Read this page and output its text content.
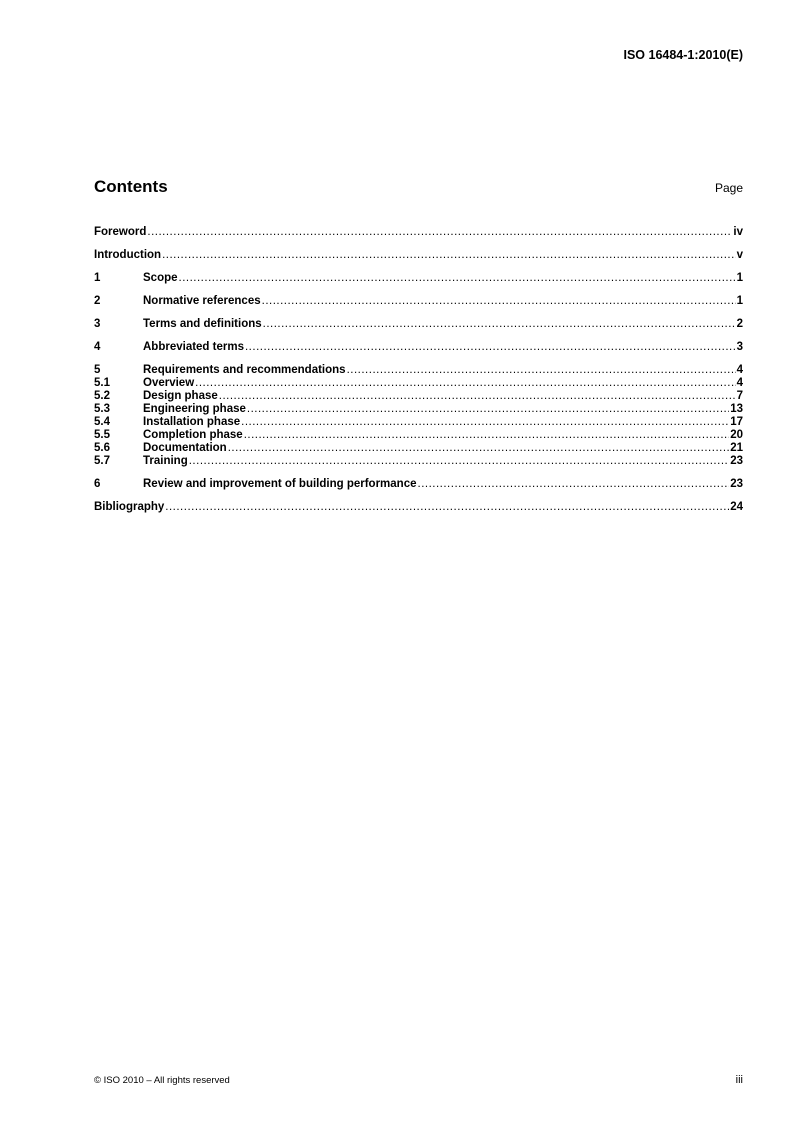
ISO 16484-1:2010(E)
Contents	Page
Foreword .....	iv
Introduction .....	v
1	Scope .....	1
2	Normative references .....	1
3	Terms and definitions .....	2
4	Abbreviated terms .....	3
5	Requirements and recommendations .....	4
5.1	Overview .....	4
5.2	Design phase .....	7
5.3	Engineering phase .....	13
5.4	Installation phase .....	17
5.5	Completion phase .....	20
5.6	Documentation .....	21
5.7	Training .....	23
6	Review and improvement of building performance .....	23
Bibliography .....	24
© ISO 2010 – All rights reserved	iii
